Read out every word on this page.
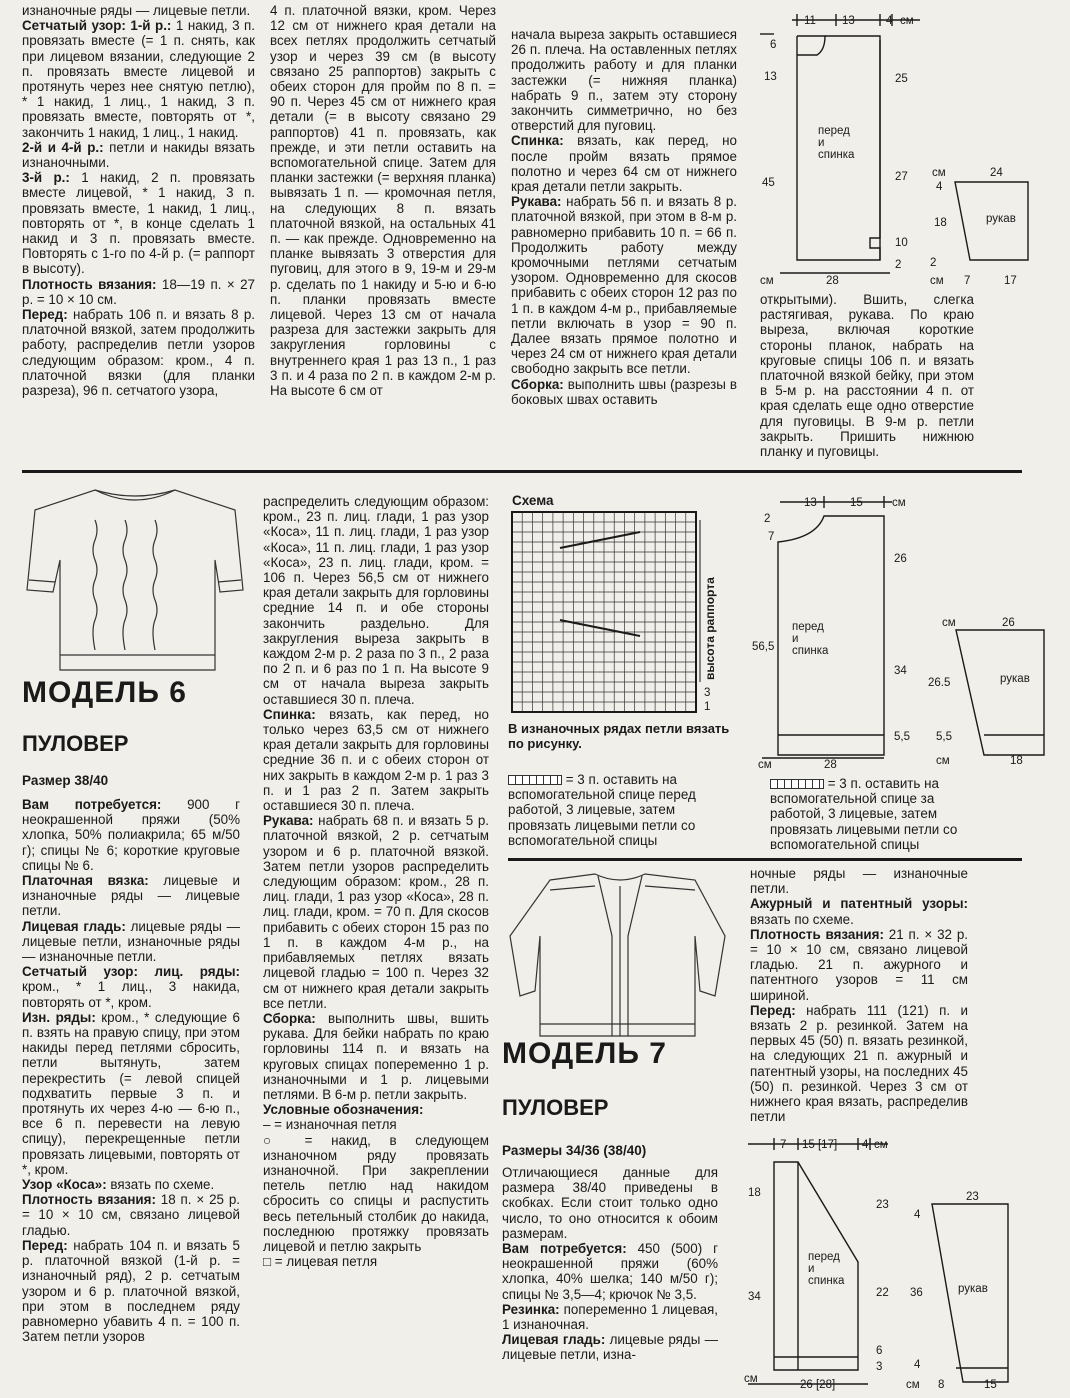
изнаночные ряды — лицевые петли.

Сетчатый узор: 1-й р.: 1 накид, 3 п. провязать вместе (= 1 п. снять, как при лицевом вязании, следующие 2 п. провязать вместе лицевой и протянуть через нее снятую петлю), * 1 накид, 1 лиц., 1 накид, 3 п. провязать вместе, повторять от *, закончить 1 накид, 1 лиц., 1 накид.

2-й и 4-й р.: петли и накиды вязать изнаночными.

3-й р.: 1 накид, 2 п. провязать вместе лицевой, * 1 накид, 3 п. провязать вместе, 1 накид, 1 лиц., повторять от *, в конце сделать 1 накид и 3 п. провязать вместе. Повторять с 1-го по 4-й р. (= раппорт в высоту).

Плотность вязания: 18—19 п. × 27 р. = 10 × 10 см.

Перед: набрать 106 п. и вязать 8 р. платочной вязкой, затем продолжить работу, распределив петли узоров следующим образом: кром., 4 п. платочной вязки (для планки разреза), 96 п. сетчатого узора,

4 п. платочной вязки, кром. Через 12 см от нижнего края детали на всех петлях продолжить сетчатый узор и через 39 см (в высоту связано 25 раппортов) закрыть с обеих сторон для пройм по 8 п. = 90 п. Через 45 см от нижнего края детали (= в высоту связано 29 раппортов) 41 п. провязать, как прежде, и эти петли оставить на вспомогательной спице. Затем для планки застежки (= верхняя планка) вывязать 1 п. — кромочная петля, на следующих 8 п. вязать платочной вязкой, на остальных 41 п. — как прежде. Одновременно на планке вывязать 3 отверстия для пуговиц, для этого в 9, 19-м и 29-м р. сделать по 1 накиду и 5-ю и 6-ю п. планки провязать вместе лицевой. Через 13 см от начала разреза для застежки закрыть для закругления горловины с внутреннего края 1 раз 13 п., 1 раз 3 п. и 4 раза по 2 п. в каждом 2-м р. На высоте 6 см от

начала выреза закрыть оставшиеся 26 п. плеча. На оставленных петлях продолжить работу и для планки застежки (= нижняя планка) набрать 9 п., затем эту сторону закончить симметрично, но без отверстий для пуговиц.

Спинка: вязать, как перед, но после пройм вязать прямое полотно и через 64 см от нижнего края детали петли закрыть.

Рукава: набрать 56 п. и вязать 8 р. платочной вязкой, при этом в 8-м р. равномерно прибавить 10 п. = 66 п. Продолжить работу между кромочными петлями сетчатым узором. Одновременно для скосов прибавить с обеих сторон 12 раз по 1 п. в каждом 4-м р., прибавляемые петли включать в узор = 90 п. Далее вязать прямое полотно и через 24 см от нижнего края детали свободно закрыть все петли.

Сборка: выполнить швы (разрезы в боковых швах оставить

открытыми). Вшить, слегка растягивая, рукава. По краю выреза, включая короткие стороны планок, набрать на круговые спицы 106 п. и вязать платочной вязкой бейку, при этом в 5-м р. на расстоянии 4 п. от края сделать еще одно отверстие для пуговицы. В 9-м р. петли закрыть. Пришить нижнюю планку и пуговицы.

11 13	4 см
6
13
45
25
27
10
2
см	28
перед
и
спинка
см	24
4
18
2
рукав
см 7	17
МОДЕЛЬ 6
ПУЛОВЕР
Размер 38/40

Вам потребуется: 900 г неокрашенной пряжи (50% хлопка, 50% полиакрила; 65 м/50 г); спицы № 6; короткие круговые спицы № 6.

Платочная вязка: лицевые и изнаночные ряды — лицевые петли.

Лицевая гладь: лицевые ряды — лицевые петли, изнаночные ряды — изнаночные петли.

Сетчатый узор: лиц. ряды: кром., * 1 лиц., 3 накида, повторять от *, кром.

Изн. ряды: кром., * следующие 6 п. взять на правую спицу, при этом накиды перед петлями сбросить, петли вытянуть, затем перекрестить (= левой спицей подхватить первые 3 п. и протянуть их через 4-ю — 6-ю п., все 6 п. перевести на левую спицу), перекрещенные петли провязать лицевыми, повторять от *, кром.

Узор «Коса»: вязать по схеме.

Плотность вязания: 18 п. × 25 р. = 10 × 10 см, связано лицевой гладью.

Перед: набрать 104 п. и вязать 5 р. платочной вязкой (1-й р. = изнаночный ряд), 2 р. сетчатым узором и 6 р. платочной вязкой, при этом в последнем ряду равномерно убавить 4 п. = 100 п. Затем петли узоров

распределить следующим образом: кром., 23 п. лиц. глади, 1 раз узор «Коса», 11 п. лиц. глади, 1 раз узор «Коса», 11 п. лиц. глади, 1 раз узор «Коса», 23 п. лиц. глади, кром. = 106 п. Через 56,5 см от нижнего края детали закрыть для горловины средние 14 п. и обе стороны закончить раздельно. Для закругления выреза закрыть в каждом 2-м р. 2 раза по 3 п., 2 раза по 2 п. и 6 раз по 1 п. На высоте 9 см от начала выреза закрыть оставшиеся 30 п. плеча.

Спинка: вязать, как перед, но только через 63,5 см от нижнего края детали закрыть для горловины средние 36 п. и с обеих сторон от них закрыть в каждом 2-м р. 1 раз 3 п. и 1 раз 2 п. Затем закрыть оставшиеся 30 п. плеча.

Рукава: набрать 68 п. и вязать 5 р. платочной вязкой, 2 р. сетчатым узором и 6 р. платочной вязкой. Затем петли узоров распределить следующим образом: кром., 28 п. лиц. глади, 1 раз узор «Коса», 28 п. лиц. глади, кром. = 70 п. Для скосов прибавить с обеих сторон 15 раз по 1 п. в каждом 4-м р., на прибавляемых петлях вязать лицевой гладью = 100 п. Через 32 см от нижнего края детали закрыть все петли.

Сборка: выполнить швы, вшить рукава. Для бейки набрать по краю горловины 114 п. и вязать на круговых спицах попеременно 1 р. изнаночными и 1 р. лицевыми петлями. В 6-м р. петли закрыть.

Условные обозначения:

– = изнаночная петля

○ = накид, в следующем изнаночном ряду провязать изнаночной. При закреплении петель петлю над накидом сбросить со спицы и распустить весь петельный столбик до накида, последнюю протяжку провязать лицевой и петлю закрыть

□ = лицевая петля

Схема
высота раппорта
3
1
В изнаночных рядах петли вязать по рисунку.
= 3 п. оставить на вспомогательной спице перед работой, 3 лицевые, затем провязать лицевыми петли со вспомогательной спицы
= 3 п. оставить на вспомогательной спице за работой, 3 лицевые, затем провязать лицевыми петли со вспомогательной спицы
13	15	см
2
7
56,5
26
34
5,5
перед
и
спинка
см	28
см	26
26.5
5,5
рукав
см	18
МОДЕЛЬ 7
ПУЛОВЕР
Размеры 34/36 (38/40)

Отличающиеся данные для размера 38/40 приведены в скобках. Если стоит только одно число, то оно относится к обоим размерам.

Вам потребуется: 450 (500) г неокрашенной пряжи (60% хлопка, 40% шелка; 140 м/50 г); спицы № 3,5—4; крючок № 3,5.

Резинка: попеременно 1 лицевая, 1 изнаночная.

Лицевая гладь: лицевые ряды — лицевые петли, изна-

ночные ряды — изнаночные петли.

Ажурный и патентный узоры: вязать по схеме.

Плотность вязания: 21 п. × 32 р. = 10 × 10 см, связано лицевой гладью. 21 п. ажурного и патентного узоров = 11 см шириной.

Перед: набрать 111 (121) п. и вязать 2 р. резинкой. Затем на первых 45 (50) п. вязать резинкой, на следующих 21 п. ажурный и патентный узоры, на последних 45 (50) п. резинкой. Через 3 см от нижнего края вязать, распределив петли

7 15 [17] 4 см
18
34
23
22
6
3
перед
и
спинка
см	26 [28]
23
4
36
4
рукав
см 8	15
